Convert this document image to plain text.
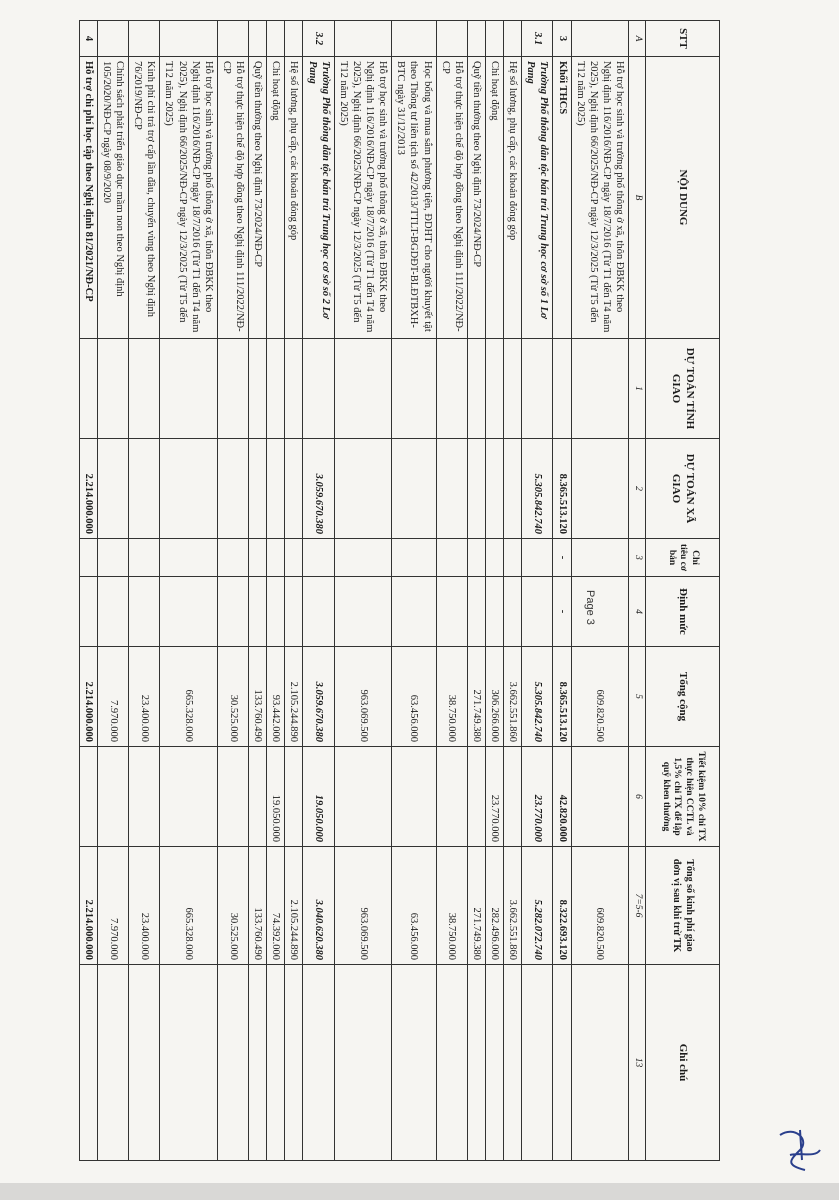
STT	NỘI DUNG	DỰ TOÁN TỈNH GIAO	DỰ TOÁN XÃ GIAO	Chỉ tiêu cơ bản	Định mức	Tổng cộng	Tiết kiệm 10% chi TX thực hiện CCTL và 1,5% chi TX để lập quỹ khen thưởng	Tổng số kinh phí giao đơn vị sau khi trừ TK	Ghi chú
A	B	1	2	3	4	5	6	7=5-6	13
	Hỗ trợ học sinh và trường phổ thông ở xã, thôn ĐBKK theo Nghị định 116/2016/NĐ-CP ngày 18/7/2016 (Từ T1 đến T4 năm 2025), Nghị định 66/2025/NĐ-CP ngày 12/3/2025 (Từ T5 đến T12 năm 2025)					609.820.500		609.820.500	
3	Khối THCS		8.365.513.120	-	-	8.365.513.120	42.820.000	8.322.693.120	
3.1	Trường Phổ thông dân tộc bán trú Trung học cơ sở số 1 Lơ Pang		5.305.842.740			5.305.842.740	23.770.000	5.282.072.740	
	Hệ số lương, phụ cấp, các khoản đóng góp					3.662.551.860		3.662.551.860	
	Chi hoạt động					306.266.000	23.770.000	282.496.000	
	Quỹ tiền thưởng theo Nghị định 73/2024/NĐ-CP					271.749.380		271.749.380	
	Hỗ trợ thực hiện chế độ hợp đồng theo Nghị định 111/2022/NĐ-CP					38.750.000		38.750.000	
	Học bổng và mua sắm phương tiện, ĐDHT cho người khuyết tật theo Thông tư liên tịch số 42/2013/TTLT-BGDĐT-BLĐTBXH-BTC ngày 31/12/2013					63.456.000		63.456.000	
	Hỗ trợ học sinh và trường phổ thông ở xã, thôn ĐBKK theo Nghị định 116/2016/NĐ-CP ngày 18/7/2016 (Từ T1 đến T4 năm 2025), Nghị định 66/2025/NĐ-CP ngày 12/3/2025 (Từ T5 đến T12 năm 2025)					963.069.500		963.069.500	
3.2	Trường Phổ thông dân tộc bán trú Trung học cơ sở số 2 Lơ Pang		3.059.670.380			3.059.670.380	19.050.000	3.040.620.380	
	Hệ số lương, phụ cấp, các khoản đóng góp					2.105.244.890		2.105.244.890	
	Chi hoạt động					93.442.000	19.050.000	74.392.000	
	Quỹ tiền thưởng theo Nghị định 73/2024/NĐ-CP					133.760.490		133.760.490	
	Hỗ trợ thực hiện chế độ hợp đồng theo Nghị định 111/2022/NĐ-CP					30.525.000		30.525.000	
	Hỗ trợ học sinh và trường phổ thông ở xã, thôn ĐBKK theo Nghị định 116/2016/NĐ-CP ngày 18/7/2016 (Từ T1 đến T4 năm 2025), Nghị định 66/2025/NĐ-CP ngày 12/3/2025 (Từ T5 đến T12 năm 2025)					665.328.000		665.328.000	
	Kinh phí chi trả trợ cấp lần đầu, chuyển vùng theo Nghị định 76/2019/NĐ-CP					23.400.000		23.400.000	
	Chính sách phát triển giáo dục mầm non theo Nghị định 105/2020/NĐ-CP ngày 08/9/2020					7.970.000		7.970.000	
4	Hỗ trợ chi phí học tập theo Nghị định 81/2021/NĐ-CP		2.214.000.000			2.214.000.000		2.214.000.000	
Page 3
